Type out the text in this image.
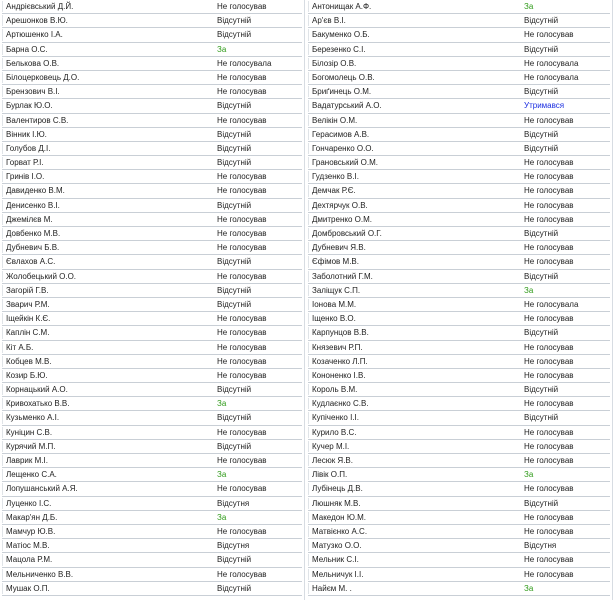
Андрієвський Д.Й.	Не голосував
Арешонков В.Ю.	Відсутній
Артюшенко І.А.	Відсутній
Барна О.С.	За
Белькова О.В.	Не голосувала
Білоцерковець Д.О.	Не голосував
Брензович В.І.	Не голосував
Бурлак Ю.О.	Відсутній
Валентиров С.В.	Не голосував
Вінник І.Ю.	Відсутній
Голубов Д.І.	Відсутній
Горват Р.І.	Відсутній
Гринів І.О.	Не голосував
Давиденко В.М.	Не голосував
Денисенко В.І.	Відсутній
Джемілєв М.	Не голосував
Довбенко М.В.	Не голосував
Дубневич Б.В.	Не голосував
Євлахов А.С.	Відсутній
Жолобецький О.О.	Не голосував
Загорій Г.В.	Відсутній
Зварич Р.М.	Відсутній
Іщейкін К.Є.	Не голосував
Каплін С.М.	Не голосував
Кіт А.Б.	Не голосував
Кобцев М.В.	Не голосував
Козир Б.Ю.	Не голосував
Корнацький А.О.	Відсутній
Кривохатько В.В.	За
Кузьменко А.І.	Відсутній
Куніцин С.В.	Не голосував
Курячий М.П.	Відсутній
Лаврик М.І.	Не голосував
Лещенко С.А.	За
Лопушанський А.Я.	Не голосував
Луценко І.С.	Відсутня
Макар'ян Д.Б.	За
Мамчур Ю.В.	Не голосував
Матіос М.В.	Відсутня
Мацола Р.М.	Відсутній
Мельниченко В.В.	Не голосував
Мушак О.П.	Відсутній
Антонищак А.Ф.	За
Ар'єв В.І.	Відсутній
Бакуменко О.Б.	Не голосував
Березенко С.І.	Відсутній
Білозір О.В.	Не голосувала
Богомолець О.В.	Не голосувала
Бриґинець О.М.	Відсутній
Вадатурський А.О.	Утримався
Велікін О.М.	Не голосував
Герасимов А.В.	Відсутній
Гончаренко О.О.	Відсутній
Грановський О.М.	Не голосував
Гудзенко В.І.	Не голосував
Демчак Р.Є.	Не голосував
Дехтярчук О.В.	Не голосував
Дмитренко О.М.	Не голосував
Домбровський О.Г.	Відсутній
Дубневич Я.В.	Не голосував
Єфімов М.В.	Не голосував
Заболотний Г.М.	Відсутній
Заліщук С.П.	За
Іонова М.М.	Не голосувала
Іщенко В.О.	Не голосував
Карпунцов В.В.	Відсутній
Князевич Р.П.	Не голосував
Козаченко Л.П.	Не голосував
Кононенко І.В.	Не голосував
Король В.М.	Відсутній
Кудлаєнко С.В.	Не голосував
Купіченко І.І.	Відсутній
Курило В.С.	Не голосував
Кучер М.І.	Не голосував
Лесюк Я.В.	Не голосував
Лівік О.П.	За
Лубінець Д.В.	Не голосував
Люшняк М.В.	Відсутній
Македон Ю.М.	Не голосував
Матвієнко А.С.	Не голосував
Матузко О.О.	Відсутня
Мельник С.І.	Не голосував
Мельничук І.І.	Не голосував
Найєм М. .	За
